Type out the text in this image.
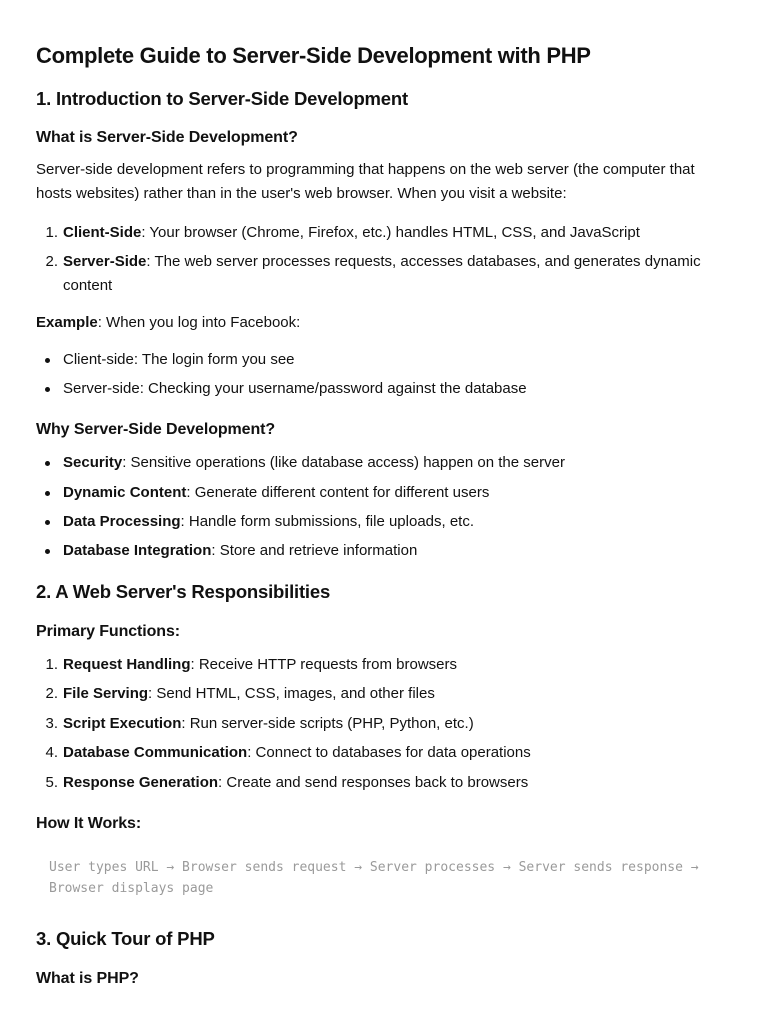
Complete Guide to Server-Side Development with PHP
1. Introduction to Server-Side Development
What is Server-Side Development?

Server-side development refers to programming that happens on the web server (the computer that hosts websites) rather than in the user's web browser. When you visit a website:

1. Client-Side: Your browser (Chrome, Firefox, etc.) handles HTML, CSS, and JavaScript
2. Server-Side: The web server processes requests, accesses databases, and generates dynamic content

Example: When you log into Facebook:

Client-side: The login form you see
Server-side: Checking your username/password against the database
Why Server-Side Development?
Security: Sensitive operations (like database access) happen on the server
Dynamic Content: Generate different content for different users
Data Processing: Handle form submissions, file uploads, etc.
Database Integration: Store and retrieve information
2. A Web Server's Responsibilities
Primary Functions:
1. Request Handling: Receive HTTP requests from browsers
2. File Serving: Send HTML, CSS, images, and other files
3. Script Execution: Run server-side scripts (PHP, Python, etc.)
4. Database Communication: Connect to databases for data operations
5. Response Generation: Create and send responses back to browsers
How It Works:
User types URL → Browser sends request → Server processes → Server sends response →
Browser displays page
3. Quick Tour of PHP
What is PHP?
